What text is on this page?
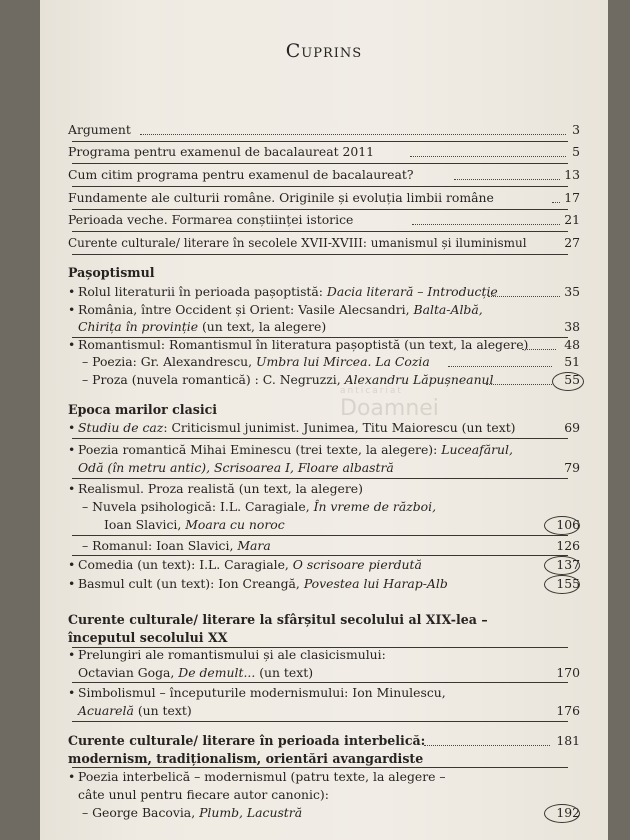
Cuprins
Argument	3
Programa pentru examenul de bacalaureat 2011	5
Cum citim programa pentru examenul de bacalaureat?	13
Fundamente ale culturii române. Originile și evoluția limbii române	17
Perioada veche. Formarea conștiinței istorice	21
Curente culturale/ literare în secolele XVII-XVIII: umanismul și iluminismul	27
Pașoptismul
• Rolul literaturii în perioada pașoptistă: Dacia literară – Introducție	35
• România, între Occident și Orient: Vasile Alecsandri, Balta-Albă,
Chirița în provinție (un text, la alegere)	38
• Romantismul: Romantismul în literatura pașoptistă (un text, la alegere)	48
– Poezia: Gr. Alexandrescu, Umbra lui Mircea. La Cozia	51
– Proza (nuvela romantică) : C. Negruzzi, Alexandru Lăpușneanul	55
Epoca marilor clasici
• Studiu de caz: Criticismul junimist. Junimea, Titu Maiorescu (un text)	69
• Poezia romantică Mihai Eminescu (trei texte, la alegere): Luceafărul,
Odă (în metru antic), Scrisoarea I, Floare albastră	79
• Realismul. Proza realistă (un text, la alegere)
– Nuvela psihologică: I.L. Caragiale, În vreme de război,
Ioan Slavici, Moara cu noroc	106
– Romanul: Ioan Slavici, Mara	126
• Comedia (un text): I.L. Caragiale, O scrisoare pierdută	137
• Basmul cult (un text): Ion Creangă, Povestea lui Harap-Alb	155
Curente culturale/ literare la sfârșitul secolului al XIX-lea –
începutul secolului XX
• Prelungiri ale romantismului și ale clasicismului:
Octavian Goga, De demult... (un text)	170
• Simbolismul – începuturile modernismului: Ion Minulescu,
Acuarelă (un text)	176
Curente culturale/ literare în perioada interbelică:	181
modernism, tradiționalism, orientări avangardiste
• Poezia interbelică – modernismul (patru texte, la alegere –
câte unul pentru fiecare autor canonic):
– George Bacovia, Plumb, Lacustră	192
anticariat
Doamnei
